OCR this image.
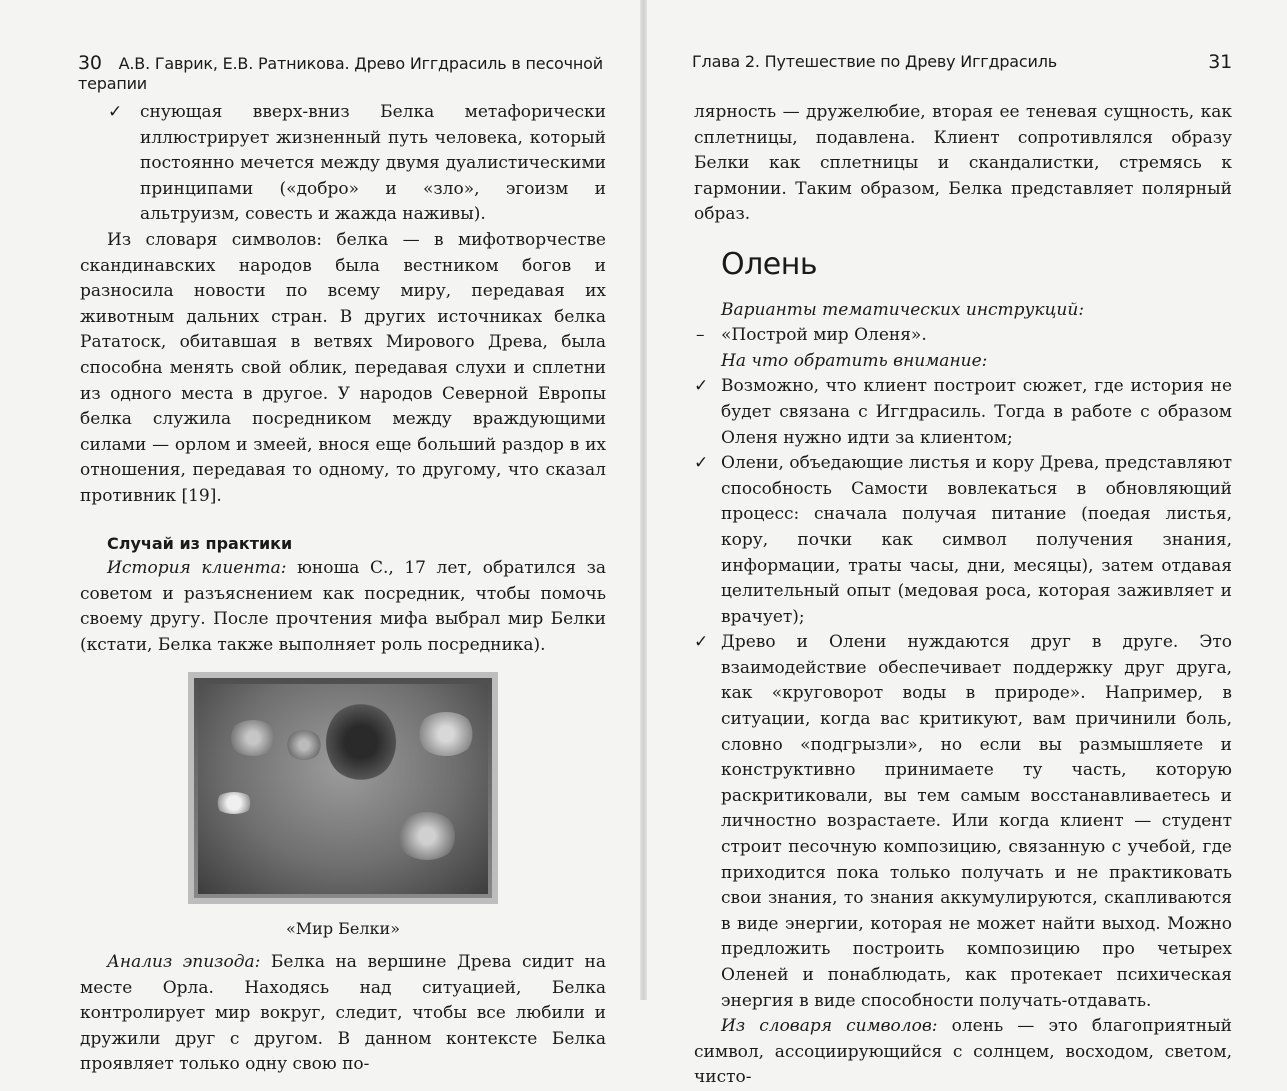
30 А.В. Гаврик, Е.В. Ратникова. Древо Иггдрасиль в песочной терапии

✓ снующая вверх-вниз Белка метафорически иллюстрирует жизненный путь человека, который постоянно мечется между двумя дуалистическими принципами («добро» и «зло», эгоизм и альтруизм, совесть и жажда наживы).

Из словаря символов: белка — в мифотворчестве скандинавских народов была вестником богов и разносила новости по всему миру, передавая их животным дальних стран. В других источниках белка Рататоск, обитавшая в ветвях Мирового Древа, была способна менять свой облик, передавая слухи и сплетни из одного места в другое. У народов Северной Европы белка служила посредником между враждующими силами — орлом и змеей, внося еще больший раздор в их отношения, передавая то одному, то другому, что сказал противник [19].

Случай из практики

История клиента: юноша С., 17 лет, обратился за советом и разъяснением как посредник, чтобы помочь своему другу. После прочтения мифа выбрал мир Белки (кстати, Белка также выполняет роль посредника).

«Мир Белки»

Анализ эпизода: Белка на вершине Древа сидит на месте Орла. Находясь над ситуацией, Белка контролирует мир вокруг, следит, чтобы все любили и дружили друг с другом. В данном контексте Белка проявляет только одну свою по-

Глава 2. Путешествие по Древу Иггдрасиль	31

лярность — дружелюбие, вторая ее теневая сущность, как сплетницы, подавлена. Клиент сопротивлялся образу Белки как сплетницы и скандалистки, стремясь к гармонии. Таким образом, Белка представляет полярный образ.

Олень

Варианты тематических инструкций:

– «Построй мир Оленя».

На что обратить внимание:

✓ Возможно, что клиент построит сюжет, где история не будет связана с Иггдрасиль. Тогда в работе с образом Оленя нужно идти за клиентом;

✓ Олени, объедающие листья и кору Древа, представляют способность Самости вовлекаться в обновляющий процесс: сначала получая питание (поедая листья, кору, почки как символ получения знания, информации, траты часы, дни, месяцы), затем отдавая целительный опыт (медовая роса, которая заживляет и врачует);

✓ Древо и Олени нуждаются друг в друге. Это взаимодействие обеспечивает поддержку друг друга, как «круговорот воды в природе». Например, в ситуации, когда вас критикуют, вам причинили боль, словно «подгрызли», но если вы размышляете и конструктивно принимаете ту часть, которую раскритиковали, вы тем самым восстанавливаетесь и личностно возрастаете. Или когда клиент — студент строит песочную композицию, связанную с учебой, где приходится пока только получать и не практиковать свои знания, то знания аккумулируются, скапливаются в виде энергии, которая не может найти выход. Можно предложить построить композицию про четырех Оленей и понаблюдать, как протекает психическая энергия в виде способности получать-отдавать.

Из словаря символов: олень — это благоприятный символ, ассоциирующийся с солнцем, восходом, светом, чисто-
